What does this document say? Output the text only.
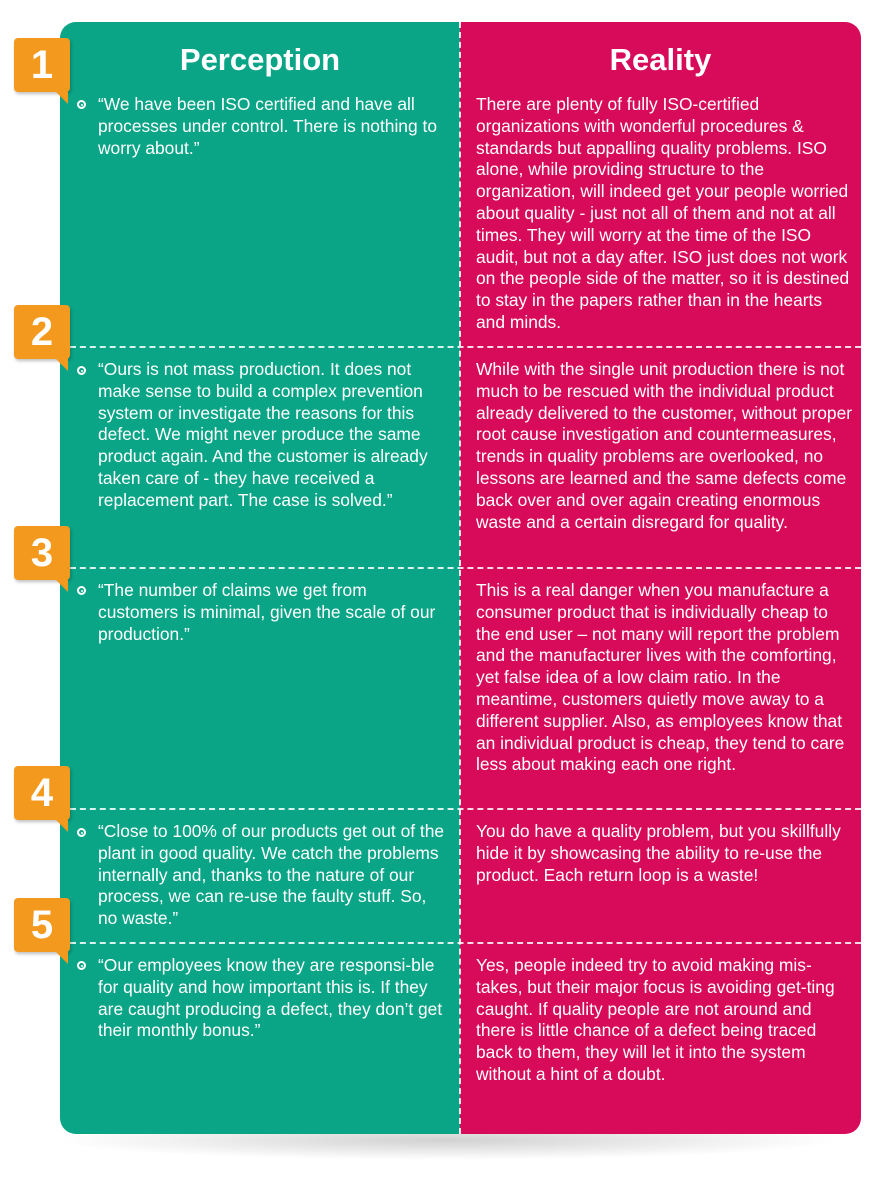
Perception	Reality
1

“We have been ISO certified and have all processes under control. There is nothing to worry about.”

There are plenty of fully ISO-certified organizations with wonderful procedures & standards but appalling quality problems. ISO alone, while providing structure to the organization, will indeed get your people worried about quality - just not all of them and not at all times. They will worry at the time of the ISO audit, but not a day after. ISO just does not work on the people side of the matter, so it is destined to stay in the papers rather than in the hearts and minds.

2

“Ours is not mass production. It does not make sense to build a complex prevention system or investigate the reasons for this defect. We might never produce the same product again. And the customer is already taken care of - they have received a replacement part. The case is solved.”

While with the single unit production there is not much to be rescued with the individual product already delivered to the customer, without proper root cause investigation and countermeasures, trends in quality problems are overlooked, no lessons are learned and the same defects come back over and over again creating enormous waste and a certain disregard for quality.

3

“The number of claims we get from customers is minimal, given the scale of our production.”

This is a real danger when you manufacture a consumer product that is individually cheap to the end user – not many will report the problem and the manufacturer lives with the comforting, yet false idea of a low claim ratio. In the meantime, customers quietly move away to a different supplier. Also, as employees know that an individual product is cheap, they tend to care less about making each one right.

4

“Close to 100% of our products get out of the plant in good quality. We catch the problems internally and, thanks to the nature of our process, we can re-use the faulty stuff. So, no waste.”

You do have a quality problem, but you skillfully hide it by showcasing the ability to re-use the product. Each return loop is a waste!

5

“Our employees know they are responsi-ble for quality and how important this is. If they are caught producing a defect, they don’t get their monthly bonus.”

Yes, people indeed try to avoid making mis-takes, but their major focus is avoiding get-ting caught. If quality people are not around and there is little chance of a defect being traced back to them, they will let it into the system without a hint of a doubt.
